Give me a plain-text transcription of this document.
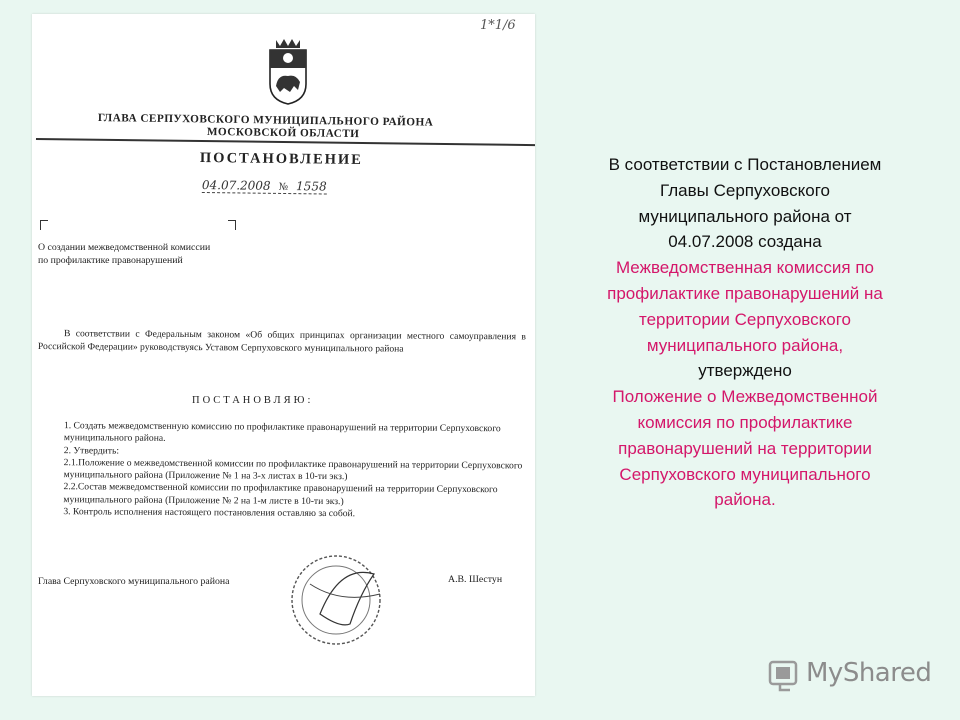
1*1/6
ГЛАВА СЕРПУХОВСКОГО МУНИЦИПАЛЬНОГО РАЙОНА
МОСКОВСКОЙ ОБЛАСТИ
ПОСТАНОВЛЕНИЕ
04.07.2008 № 1558
О создании межведомственной комиссии
по профилактике правонарушений
В соответствии с Федеральным законом «Об общих принципах организации местного самоуправления в Российской Федерации» руководствуясь Уставом Серпуховского муниципального района
ПОСТАНОВЛЯЮ:

1. Создать межведомственную комиссию по профилактике правонарушений на территории Серпуховского муниципального района.

2. Утвердить:

2.1.Положение о межведомственной комиссии по профилактике правонарушений на территории Серпуховского муниципального района (Приложение № 1 на 3-х листах в 10-ти экз.)

2.2.Состав межведомственной комиссии по профилактике правонарушений на территории Серпуховского муниципального района (Приложение № 2 на 1-м листе в 10-ти экз.)

3. Контроль исполнения настоящего постановления оставляю за собой.

Глава Серпуховского муниципального района	А.В. Шестун
В соответствии с Постановлением
Главы Серпуховского
муниципального района от
04.07.2008 создана
Межведомственная комиссия по
профилактике правонарушений на
территории Серпуховского
муниципального района,
утверждено
Положение о Межведомственной
комиссия по профилактике
правонарушений на территории
Серпуховского муниципального
района.
MyShared
